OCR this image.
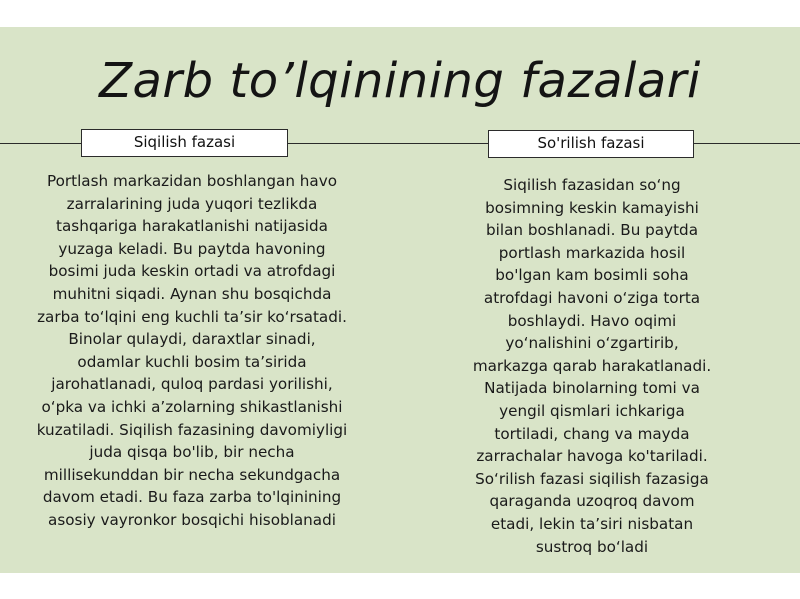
Zarb to’lqinining fazalari
Siqilish fazasi	So'rilish fazasi
Portlash markazidan boshlangan havo zarralarining juda yuqori tezlikda tashqariga harakatlanishi natijasida yuzaga keladi. Bu paytda havoning bosimi juda keskin ortadi va atrofdagi muhitni siqadi. Aynan shu bosqichda zarba to‘lqini eng kuchli ta’sir ko‘rsatadi. Binolar qulaydi, daraxtlar sinadi, odamlar kuchli bosim ta’sirida jarohatlanadi, quloq pardasi yorilishi, o‘pka va ichki a’zolarning shikastlanishi kuzatiladi. Siqilish fazasining davomiyligi juda qisqa bo'lib, bir necha millisekunddan bir necha sekundgacha davom etadi. Bu faza zarba to'lqinining asosiy vayronkor bosqichi hisoblanadi
Siqilish fazasidan so‘ng bosimning keskin kamayishi bilan boshlanadi. Bu paytda portlash markazida hosil bo'lgan kam bosimli soha atrofdagi havoni o‘ziga torta boshlaydi. Havo oqimi yo‘nalishini o‘zgartirib, markazga qarab harakatlanadi. Natijada binolarning tomi va yengil qismlari ichkariga tortiladi, chang va mayda zarrachalar havoga ko'tariladi. So‘rilish fazasi siqilish fazasiga qaraganda uzoqroq davom etadi, lekin ta’siri nisbatan sustroq bo‘ladi
